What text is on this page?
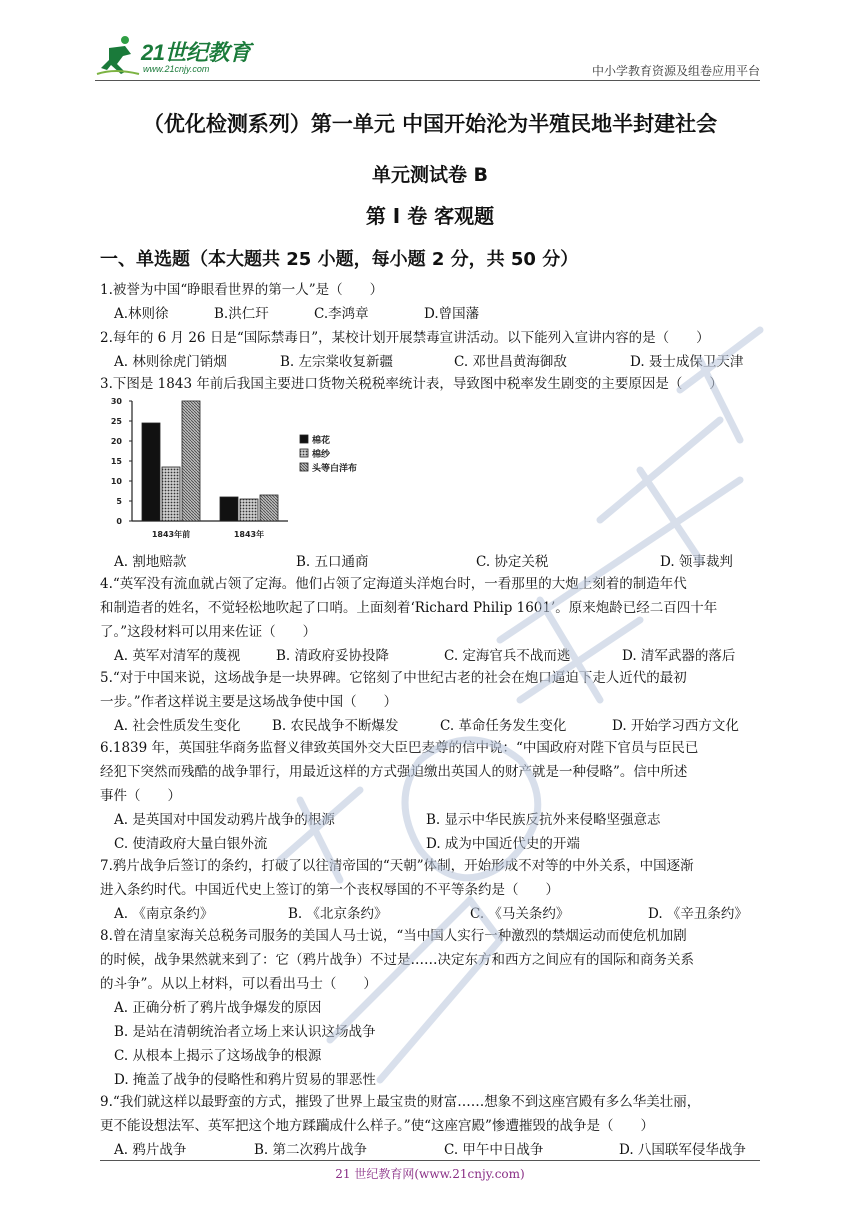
21世纪教育
www.21cnjy.com	中小学教育资源及组卷应用平台
（优化检测系列）第一单元 中国开始沦为半殖民地半封建社会
单元测试卷 B
第 I 卷 客观题
一、单选题（本大题共 25 小题，每小题 2 分，共 50 分）
1.被誉为中国“睁眼看世界的第一人”是（　　）
A.林则徐	B.洪仁玕	C.李鸿章	D.曾国藩
2.每年的 6 月 26 日是“国际禁毒日”，某校计划开展禁毒宣讲活动。以下能列入宣讲内容的是（　　）
A. 林则徐虎门销烟	B. 左宗棠收复新疆	C. 邓世昌黄海御敌	D. 聂士成保卫天津
3.下图是 1843 年前后我国主要进口货物关税税率统计表，导致图中税率发生剧变的主要原因是（　　）
0
5
10
15
20
25
30
1843年前	1843年
棉花
棉纱
头等白洋布
A. 割地赔款	B. 五口通商	C. 协定关税	D. 领事裁判
4.“英军没有流血就占领了定海。他们占领了定海道头洋炮台时，一看那里的大炮上刻着的制造年代
和制造者的姓名，不觉轻松地吹起了口哨。上面刻着‘Richard Philip 1601’。原来炮龄已经二百四十年
了。”这段材料可以用来佐证（　　）
A. 英军对清军的蔑视	B. 清政府妥协投降	C. 定海官兵不战而逃	D. 清军武器的落后
5.“对于中国来说，这场战争是一块界碑。它铭刻了中世纪古老的社会在炮口逼迫下走人近代的最初
一步。”作者这样说主要是这场战争使中国（　　）
A. 社会性质发生变化 B. 农民战争不断爆发	C. 革命任务发生变化	D. 开始学习西方文化
6.1839 年，英国驻华商务监督义律致英国外交大臣巴麦尊的信中说：“中国政府对陛下官员与臣民已
经犯下突然而残酷的战争罪行，用最近这样的方式强迫缴出英国人的财产就是一种侵略”。信中所述
事件（　　）
A. 是英国对中国发动鸦片战争的根源	B. 显示中华民族反抗外来侵略坚强意志
C. 使清政府大量白银外流	D. 成为中国近代史的开端
7.鸦片战争后签订的条约，打破了以往清帝国的“天朝”体制，开始形成不对等的中外关系，中国逐渐
进入条约时代。中国近代史上签订的第一个丧权辱国的不平等条约是（　　）
A. 《南京条约》	B. 《北京条约》	C. 《马关条约》	D. 《辛丑条约》
8.曾在清皇家海关总税务司服务的美国人马士说，“当中国人实行一种激烈的禁烟运动而使危机加剧
的时候，战争果然就来到了：它（鸦片战争）不过是……决定东方和西方之间应有的国际和商务关系
的斗争”。从以上材料，可以看出马士（　　）
A. 正确分析了鸦片战争爆发的原因
B. 是站在清朝统治者立场上来认识这场战争
C. 从根本上揭示了这场战争的根源
D. 掩盖了战争的侵略性和鸦片贸易的罪恶性
9.“我们就这样以最野蛮的方式，摧毁了世界上最宝贵的财富……想象不到这座宫殿有多么华美壮丽，
更不能设想法军、英军把这个地方蹂躏成什么样子。”使“这座宫殿”惨遭摧毁的战争是（　　）
A. 鸦片战争	B. 第二次鸦片战争	C. 甲午中日战争	D. 八国联军侵华战争
21 世纪教育网(www.21cnjy.com)
